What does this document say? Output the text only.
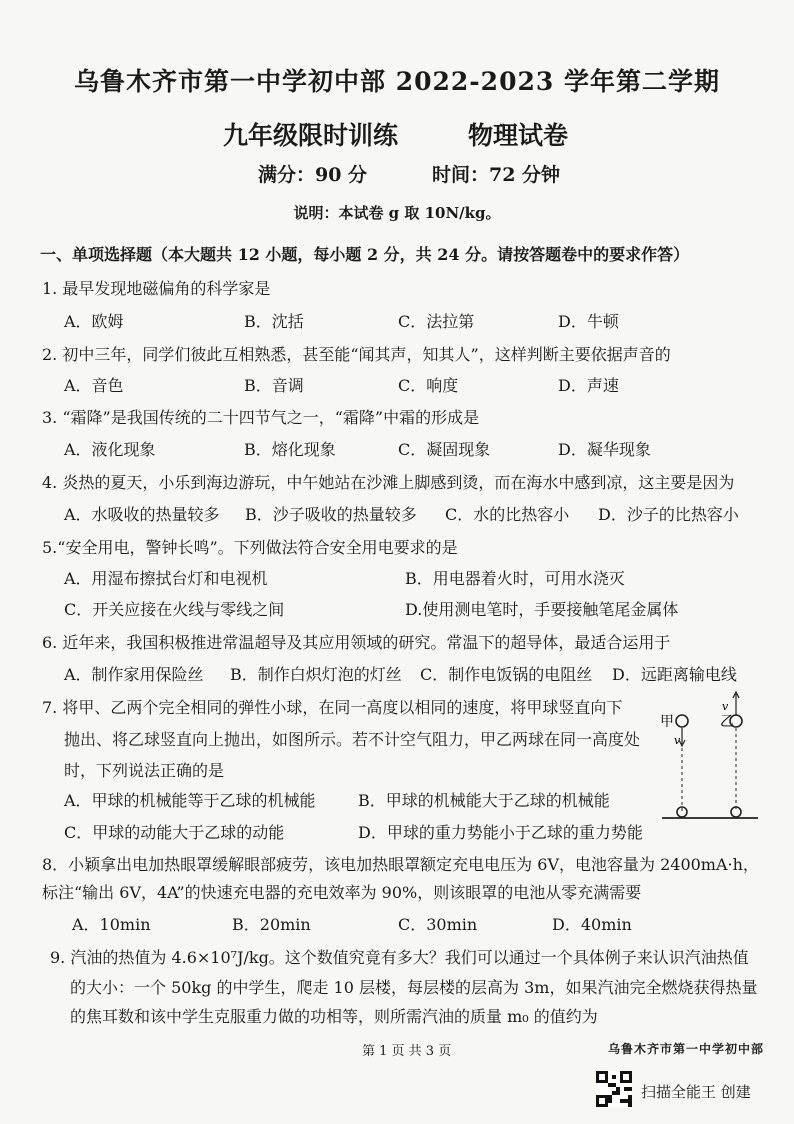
乌鲁木齐市第一中学初中部 2022-2023 学年第二学期
九年级限时训练	物理试卷
满分：90 分	时间：72 分钟
说明：本试卷 g 取 10N/kg。
一、单项选择题（本大题共 12 小题，每小题 2 分，共 24 分。请按答题卷中的要求作答）
1. 最早发现地磁偏角的科学家是
A．欧姆	B．沈括	C．法拉第	D．牛顿
2. 初中三年，同学们彼此互相熟悉，甚至能“闻其声，知其人”，这样判断主要依据声音的
A．音色	B．音调	C．响度	D．声速
3. “霜降”是我国传统的二十四节气之一，“霜降”中霜的形成是
A．液化现象	B．熔化现象	C．凝固现象	D．凝华现象
4. 炎热的夏天，小乐到海边游玩，中午她站在沙滩上脚感到烫，而在海水中感到凉，这主要是因为
A．水吸收的热量较多 B．沙子吸收的热量较多 C．水的比热容小 D．沙子的比热容小
5.“安全用电，警钟长鸣”。下列做法符合安全用电要求的是
A．用湿布擦拭台灯和电视机	B．用电器着火时，可用水浇灭
C．开关应接在火线与零线之间	D.使用测电笔时，手要接触笔尾金属体
6. 近年来，我国积极推进常温超导及其应用领域的研究。常温下的超导体，最适合运用于
A．制作家用保险丝 B．制作白炽灯泡的灯丝 C．制作电饭锅的电阻丝 D．远距离输电线
7. 将甲、乙两个完全相同的弹性小球，在同一高度以相同的速度，将甲球竖直向下
抛出、将乙球竖直向上抛出，如图所示。若不计空气阻力，甲乙两球在同一高度处
时，下列说法正确的是
A．甲球的机械能等于乙球的机械能	B．甲球的机械能大于乙球的机械能
C．甲球的动能大于乙球的动能	D．甲球的重力势能小于乙球的重力势能
甲
v
乙
v
8．小颖拿出电加热眼罩缓解眼部疲劳，该电加热眼罩额定充电电压为 6V，电池容量为 2400mA·h，
标注“输出 6V，4A”的快速充电器的充电效率为 90%，则该眼罩的电池从零充满需要
A．10min	B．20min	C．30min	D．40min
9. 汽油的热值为 4.6×10⁷J/kg。这个数值究竟有多大？我们可以通过一个具体例子来认识汽油热值
的大小：一个 50kg 的中学生，爬走 10 层楼，每层楼的层高为 3m，如果汽油完全燃烧获得热量
的焦耳数和该中学生克服重力做的功相等，则所需汽油的质量 m₀ 的值约为
第 1 页 共 3 页	乌鲁木齐市第一中学初中部
扫描全能王 创建
